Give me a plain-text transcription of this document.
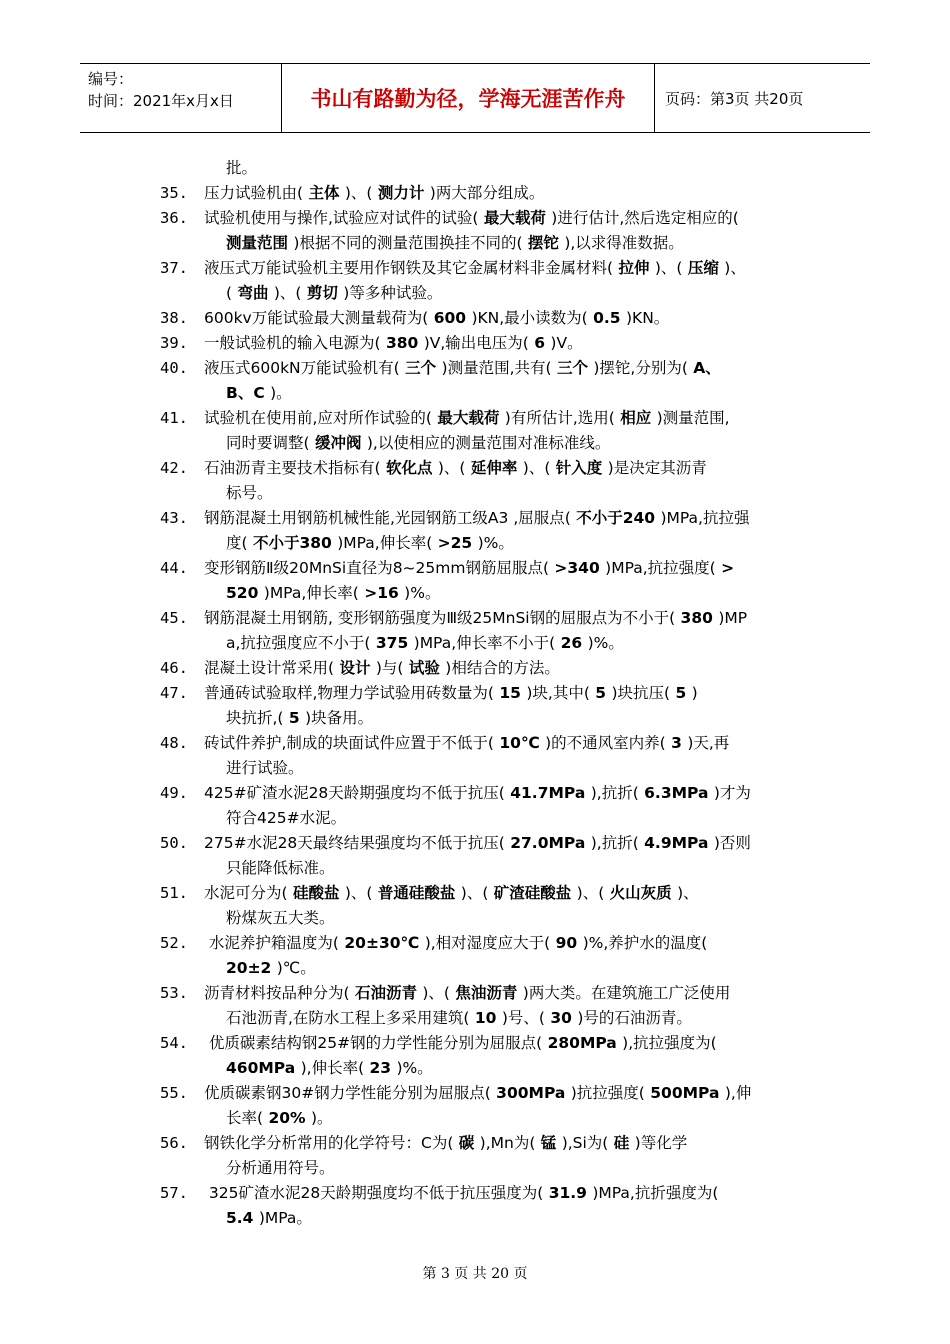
编号：
时间：2021年x月x日	书山有路勤为径，学海无涯苦作舟	页码：第3页 共20页
批。
35. 压力试验机由( 主体 )、( 测力计 )两大部分组成。
36. 试验机使用与操作,试验应对试件的试验( 最大载荷 )进行估计,然后选定相应的(
测量范围 )根据不同的测量范围换挂不同的( 摆铊 ),以求得准数据。
37. 液压式万能试验机主要用作钢铁及其它金属材料非金属材料( 拉伸 )、( 压缩 )、
( 弯曲 )、( 剪切 )等多种试验。
38. 600kv万能试验最大测量载荷为( 600 )KN,最小读数为( 0.5 )KN。
39. 一般试验机的输入电源为( 380 )V,输出电压为( 6 )V。
40. 液压式600kN万能试验机有( 三个 )测量范围,共有( 三个 )摆铊,分别为( A、
B、C )。
41. 试验机在使用前,应对所作试验的( 最大载荷 )有所估计,选用( 相应 )测量范围,
同时要调整( 缓冲阀 ),以使相应的测量范围对准标准线。
42. 石油沥青主要技术指标有( 软化点 )、( 延伸率 )、( 针入度 )是决定其沥青
标号。
43. 钢筋混凝土用钢筋机械性能,光园钢筋工级A3 ,屈服点( 不小于240 )MPa,抗拉强
度( 不小于380 )MPa,伸长率( >25 )%。
44. 变形钢筋Ⅱ级20MnSi直径为8~25mm钢筋屈服点( >340 )MPa,抗拉强度( >
520 )MPa,伸长率( >16 )%。
45. 钢筋混凝土用钢筋, 变形钢筋强度为Ⅲ级25MnSi钢的屈服点为不小于( 380 )MP
a,抗拉强度应不小于( 375 )MPa,伸长率不小于( 26 )%。
46. 混凝土设计常采用( 设计 )与( 试验 )相结合的方法。
47. 普通砖试验取样,物理力学试验用砖数量为( 15 )块,其中( 5 )块抗压( 5 )
块抗折,( 5 )块备用。
48. 砖试件养护,制成的块面试件应置于不低于( 10℃ )的不通风室内养( 3 )天,再
进行试验。
49. 425#矿渣水泥28天龄期强度均不低于抗压( 41.7MPa ),抗折( 6.3MPa )才为
符合425#水泥。
50. 275#水泥28天最终结果强度均不低于抗压( 27.0MPa ),抗折( 4.9MPa )否则
只能降低标准。
51. 水泥可分为( 硅酸盐 )、( 普通硅酸盐 )、( 矿渣硅酸盐 )、( 火山灰质 )、
粉煤灰五大类。
52. 水泥养护箱温度为( 20±30℃ ),相对湿度应大于( 90 )%,养护水的温度(
20±2 )℃。
53. 沥青材料按品种分为( 石油沥青 )、( 焦油沥青 )两大类。在建筑施工广泛使用
石池沥青,在防水工程上多采用建筑( 10 )号、( 30 )号的石油沥青。
54. 优质碳素结构钢25#钢的力学性能分别为屈服点( 280MPa ),抗拉强度为(
460MPa ),伸长率( 23 )%。
55. 优质碳素钢30#钢力学性能分别为屈服点( 300MPa )抗拉强度( 500MPa ),伸
长率( 20% )。
56. 钢铁化学分析常用的化学符号：C为( 碳 ),Mn为( 锰 ),Si为( 硅 )等化学
分析通用符号。
57. 325矿渣水泥28天龄期强度均不低于抗压强度为( 31.9 )MPa,抗折强度为(
5.4 )MPa。
第 3 页 共 20 页
